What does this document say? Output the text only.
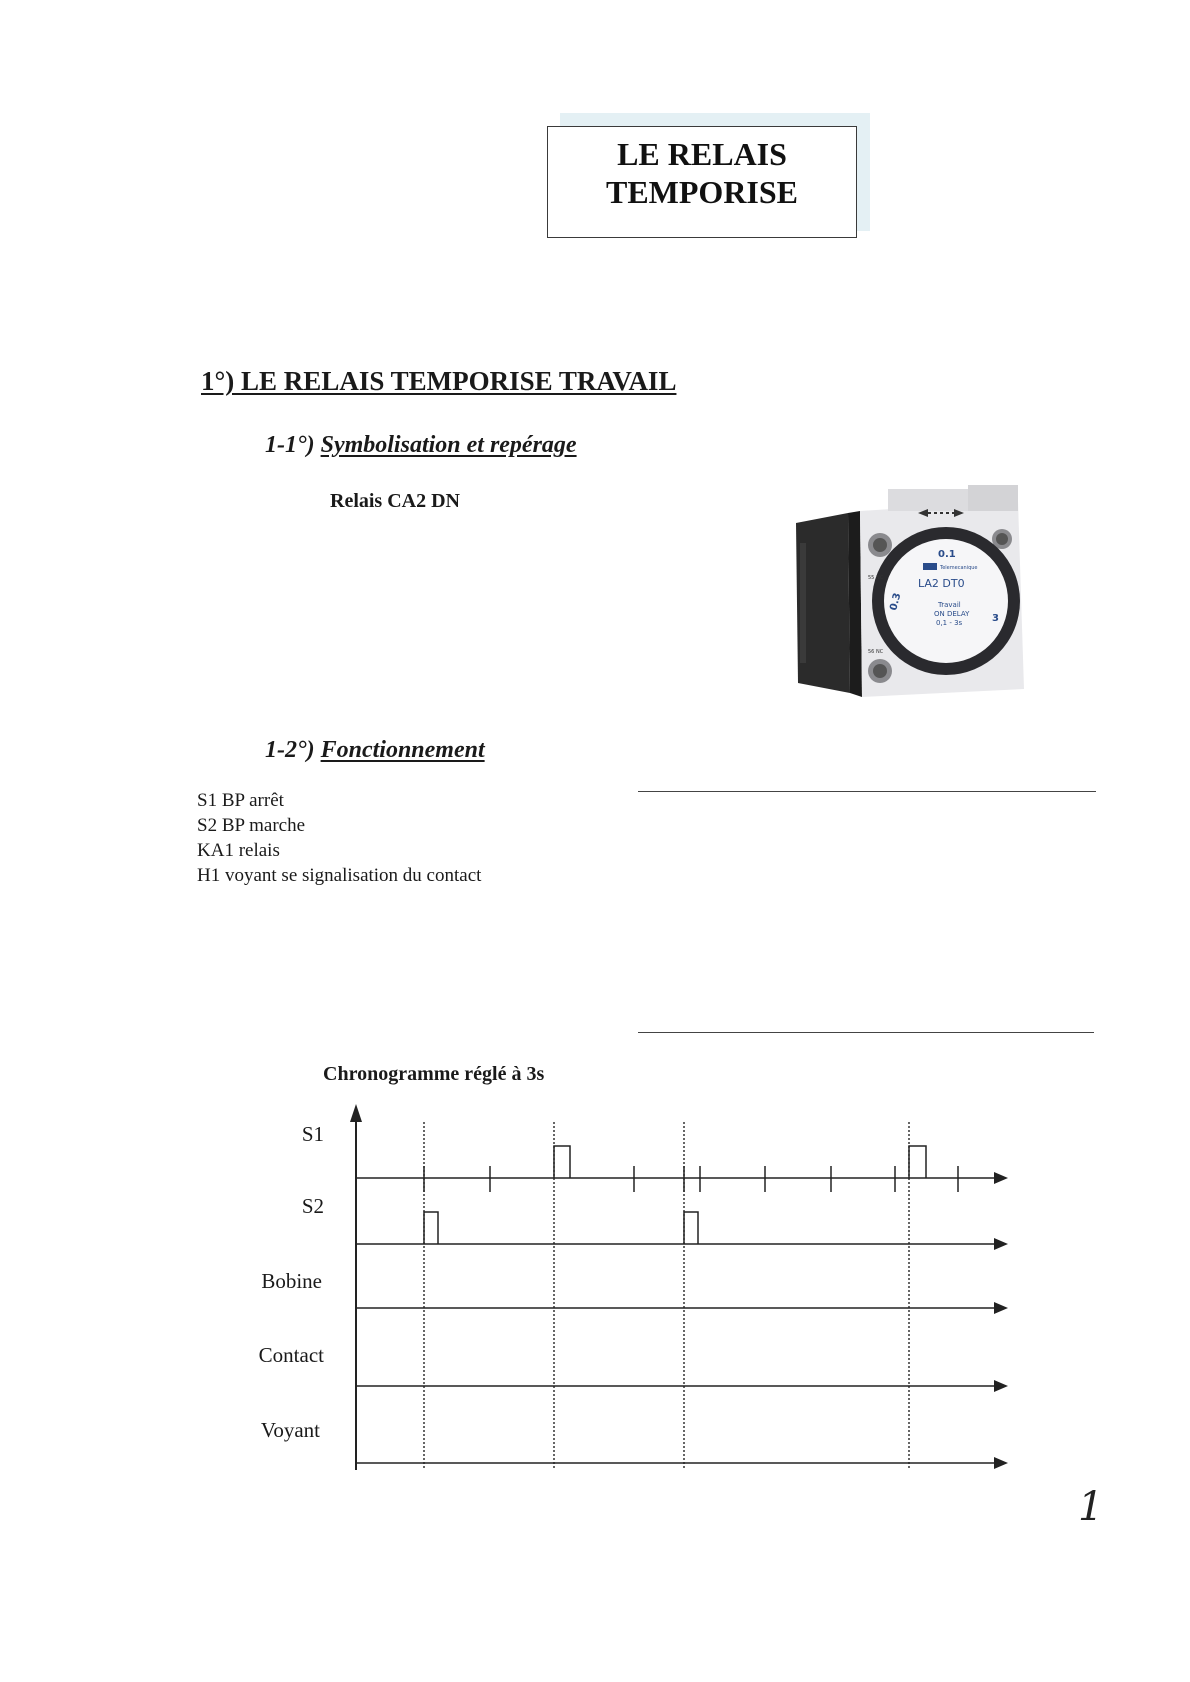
LE RELAIS
TEMPORISE
1°) LE RELAIS TEMPORISE TRAVAIL
1-1°) Symbolisation et repérage
Relais CA2 DN
0.1
0.3
3
Telemecanique
LA2 DT0
Travail
ON DELAY
0,1 - 3s
55 NC
56 NC
1-2°) Fonctionnement
S1 BP arrêt
S2 BP marche
KA1 relais
H1 voyant se signalisation du contact
Chronogramme réglé à 3s
S1
S2
Bobine
Contact
Voyant
1
